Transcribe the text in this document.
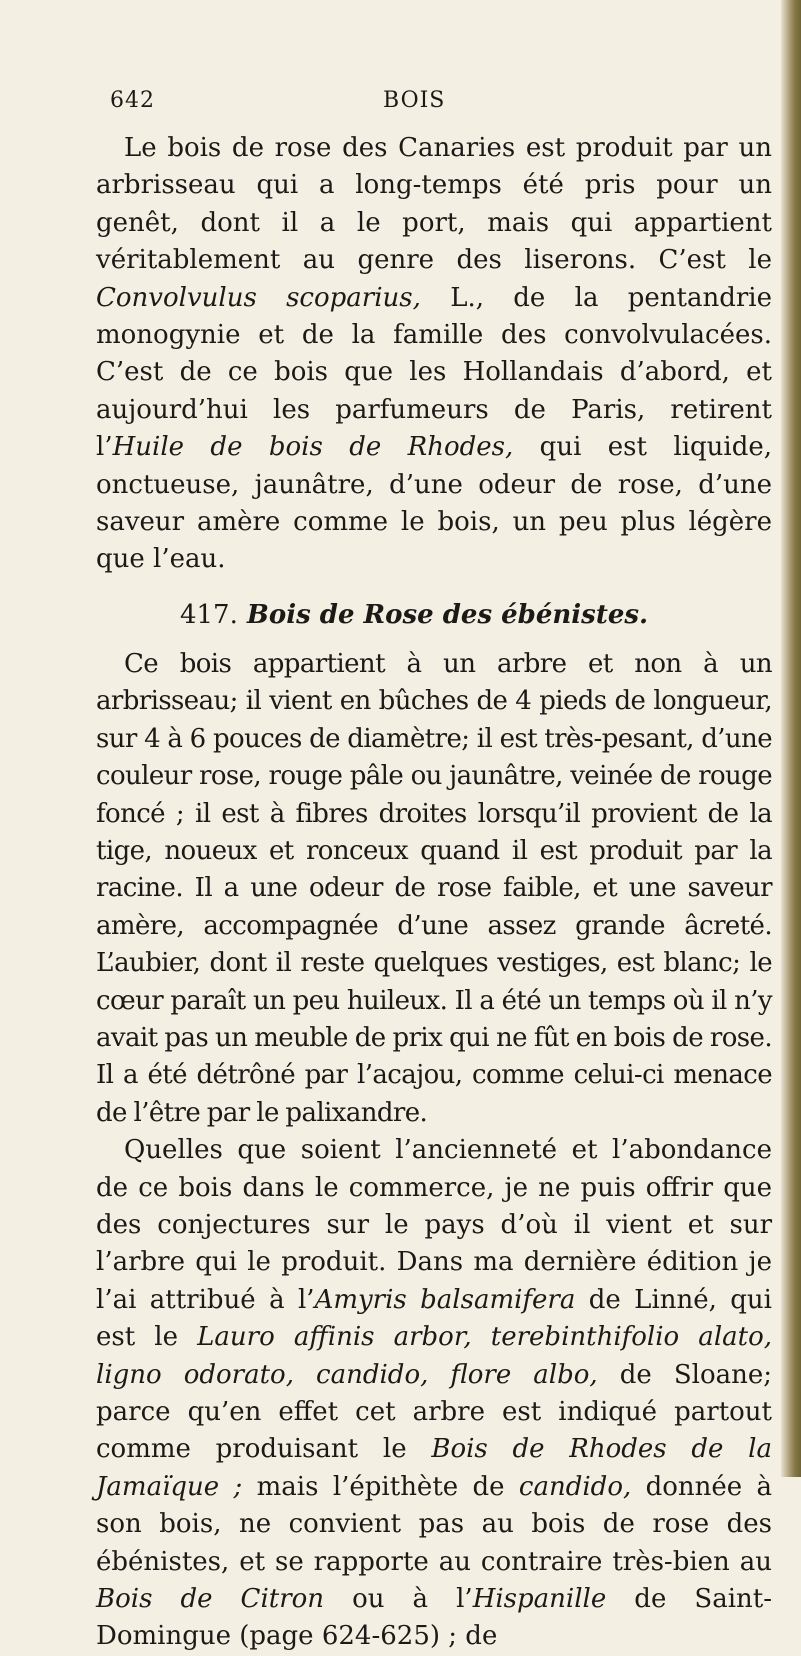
642	BOIS

Le bois de rose des Canaries est produit par un arbrisseau qui a long-temps été pris pour un genêt, dont il a le port, mais qui appartient véritablement au genre des liserons. C’est le Convolvulus scoparius, L., de la pentandrie monogynie et de la famille des convolvulacées. C’est de ce bois que les Hollandais d’abord, et aujourd’hui les parfumeurs de Paris, retirent l’Huile de bois de Rhodes, qui est liquide, onctueuse, jaunâtre, d’une odeur de rose, d’une saveur amère comme le bois, un peu plus légère que l’eau.

417. Bois de Rose des ébénistes.

Ce bois appartient à un arbre et non à un arbrisseau; il vient en bûches de 4 pieds de longueur, sur 4 à 6 pouces de diamètre; il est très-pesant, d’une couleur rose, rouge pâle ou jaunâtre, veinée de rouge foncé ; il est à fibres droites lorsqu’il provient de la tige, noueux et ronceux quand il est produit par la racine. Il a une odeur de rose faible, et une saveur amère, accompagnée d’une assez grande âcreté. L’aubier, dont il reste quelques vestiges, est blanc; le cœur paraît un peu huileux. Il a été un temps où il n’y avait pas un meuble de prix qui ne fût en bois de rose. Il a été détrôné par l’acajou, comme celui-ci menace de l’être par le palixandre.

Quelles que soient l’ancienneté et l’abondance de ce bois dans le commerce, je ne puis offrir que des conjectures sur le pays d’où il vient et sur l’arbre qui le produit. Dans ma dernière édition je l’ai attribué à l’Amyris balsamifera de Linné, qui est le Lauro affinis arbor, terebinthifolio alato, ligno odorato, candido, flore albo, de Sloane; parce qu’en effet cet arbre est indiqué partout comme produisant le Bois de Rhodes de la Jamaïque ; mais l’épithète de candido, donnée à son bois, ne convient pas au bois de rose des ébénistes, et se rapporte au contraire très-bien au Bois de Citron ou à l’Hispanille de Saint- Domingue (page 624-625) ; de
